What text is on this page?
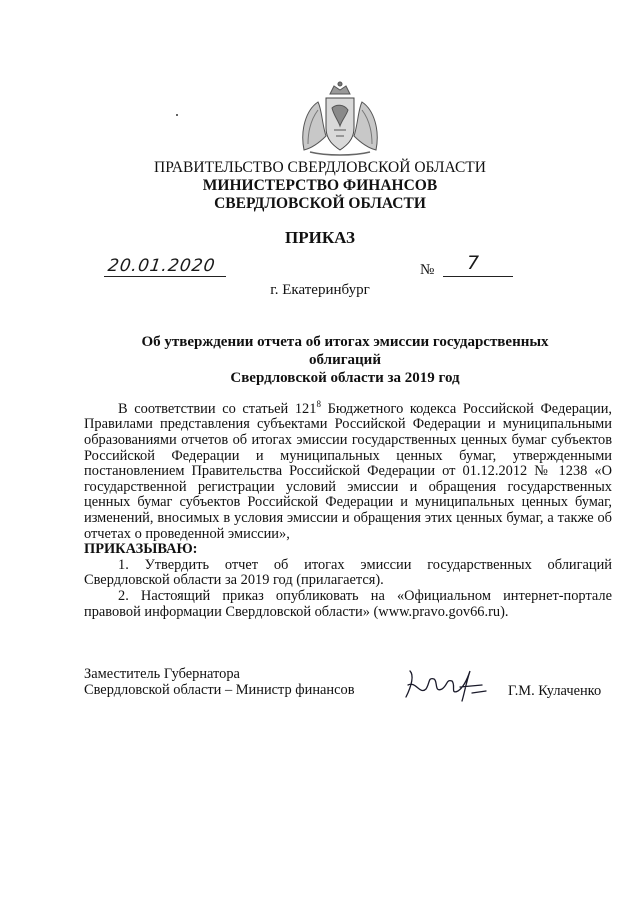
ПРАВИТЕЛЬСТВО СВЕРДЛОВСКОЙ ОБЛАСТИ
МИНИСТЕРСТВО ФИНАНСОВ
СВЕРДЛОВСКОЙ ОБЛАСТИ
ПРИКАЗ
20.01.2020	№ 7
г. Екатеринбург
Об утверждении отчета об итогах эмиссии государственных облигаций
Свердловской области за 2019 год

В соответствии со статьей $121^8$ Бюджетного кодекса Российской Федерации, Правилами представления субъектами Российской Федерации и муниципальными образованиями отчетов об итогах эмиссии государственных ценных бумаг субъектов Российской Федерации и муниципальных ценных бумаг, утвержденными постановлением Правительства Российской Федерации от 01.12.2012 № 1238 «О государственной регистрации условий эмиссии и обращения государственных ценных бумаг субъектов Российской Федерации и муниципальных ценных бумаг, изменений, вносимых в условия эмиссии и обращения этих ценных бумаг, а также об отчетах о проведенной эмиссии»,

ПРИКАЗЫВАЮ:

1. Утвердить отчет об итогах эмиссии государственных облигаций Свердловской области за 2019 год (прилагается).

2. Настоящий приказ опубликовать на «Официальном интернет-портале правовой информации Свердловской области» (www.pravo.gov66.ru).

Заместитель Губернатора
Свердловской области – Министр финансов	Г.М. Кулаченко
